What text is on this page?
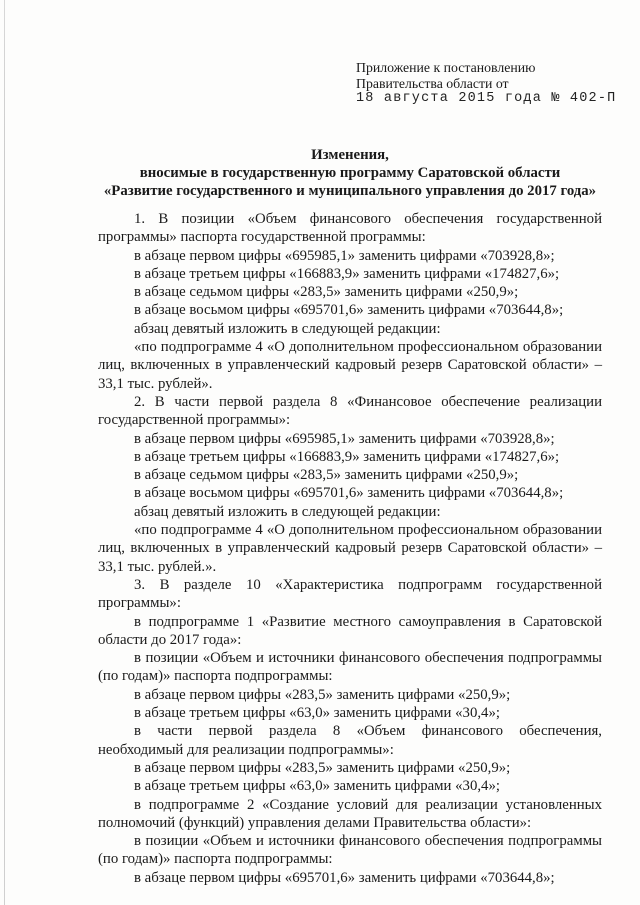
Приложение к постановлению
Правительства области от
18 августа 2015 года № 402-П
Изменения,
вносимые в государственную программу Саратовской области
«Развитие государственного и муниципального управления до 2017 года»

1. В позиции «Объем финансового обеспечения государственной программы» паспорта государственной программы:

в абзаце первом цифры «695985,1» заменить цифрами «703928,8»;

в абзаце третьем цифры «166883,9» заменить цифрами «174827,6»;

в абзаце седьмом цифры «283,5» заменить цифрами «250,9»;

в абзаце восьмом цифры «695701,6» заменить цифрами «703644,8»;

абзац девятый изложить в следующей редакции:

«по подпрограмме 4 «О дополнительном профессиональном образовании лиц, включенных в управленческий кадровый резерв Саратовской области» – 33,1 тыс. рублей».

2. В части первой раздела 8 «Финансовое обеспечение реализации государственной программы»:

в абзаце первом цифры «695985,1» заменить цифрами «703928,8»;

в абзаце третьем цифры «166883,9» заменить цифрами «174827,6»;

в абзаце седьмом цифры «283,5» заменить цифрами «250,9»;

в абзаце восьмом цифры «695701,6» заменить цифрами «703644,8»;

абзац девятый изложить в следующей редакции:

«по подпрограмме 4 «О дополнительном профессиональном образовании лиц, включенных в управленческий кадровый резерв Саратовской области» – 33,1 тыс. рублей.».

3. В разделе 10 «Характеристика подпрограмм государственной программы»:

в подпрограмме 1 «Развитие местного самоуправления в Саратовской области до 2017 года»:

в позиции «Объем и источники финансового обеспечения подпрограммы (по годам)» паспорта подпрограммы:

в абзаце первом цифры «283,5» заменить цифрами «250,9»;

в абзаце третьем цифры «63,0» заменить цифрами «30,4»;

в части первой раздела 8 «Объем финансового обеспечения, необходимый для реализации подпрограммы»:

в абзаце первом цифры «283,5» заменить цифрами «250,9»;

в абзаце третьем цифры «63,0» заменить цифрами «30,4»;

в подпрограмме 2 «Создание условий для реализации установленных полномочий (функций) управления делами Правительства области»:

в позиции «Объем и источники финансового обеспечения подпрограммы (по годам)» паспорта подпрограммы:

в абзаце первом цифры «695701,6» заменить цифрами «703644,8»;
